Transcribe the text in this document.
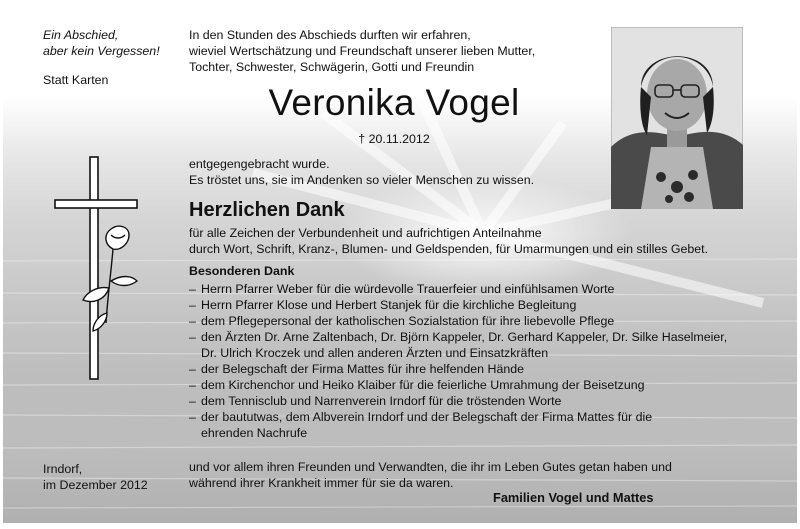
Ein Abschied,
aber kein Vergessen!
Statt Karten
Irndorf,
im Dezember 2012
In den Stunden des Abschieds durften wir erfahren,
wieviel Wertschätzung und Freundschaft unserer lieben Mutter,
Tochter, Schwester, Schwägerin, Gotti und Freundin
Veronika Vogel
† 20.11.2012
entgegengebracht wurde.
Es tröstet uns, sie im Andenken so vieler Menschen zu wissen.
Herzlichen Dank
für alle Zeichen der Verbundenheit und aufrichtigen Anteilnahme
durch Wort, Schrift, Kranz-, Blumen- und Geldspenden, für Umarmungen und ein stilles Gebet.
Besonderen Dank
– Herrn Pfarrer Weber für die würdevolle Trauerfeier und einfühlsamen Worte
– Herrn Pfarrer Klose und Herbert Stanjek für die kirchliche Begleitung
– dem Pflegepersonal der katholischen Sozialstation für ihre liebevolle Pflege
– den Ärzten Dr. Arne Zaltenbach, Dr. Björn Kappeler, Dr. Gerhard Kappeler, Dr. Silke Haselmeier,
Dr. Ulrich Kroczek und allen anderen Ärzten und Einsatzkräften
– der Belegschaft der Firma Mattes für ihre helfenden Hände
– dem Kirchenchor und Heiko Klaiber für die feierliche Umrahmung der Beisetzung
– dem Tennisclub und Narrenverein Irndorf für die tröstenden Worte
– der baututwas, dem Albverein Irndorf und der Belegschaft der Firma Mattes für die
ehrenden Nachrufe
und vor allem ihren Freunden und Verwandten, die ihr im Leben Gutes getan haben und
während ihrer Krankheit immer für sie da waren.
Familien Vogel und Mattes
